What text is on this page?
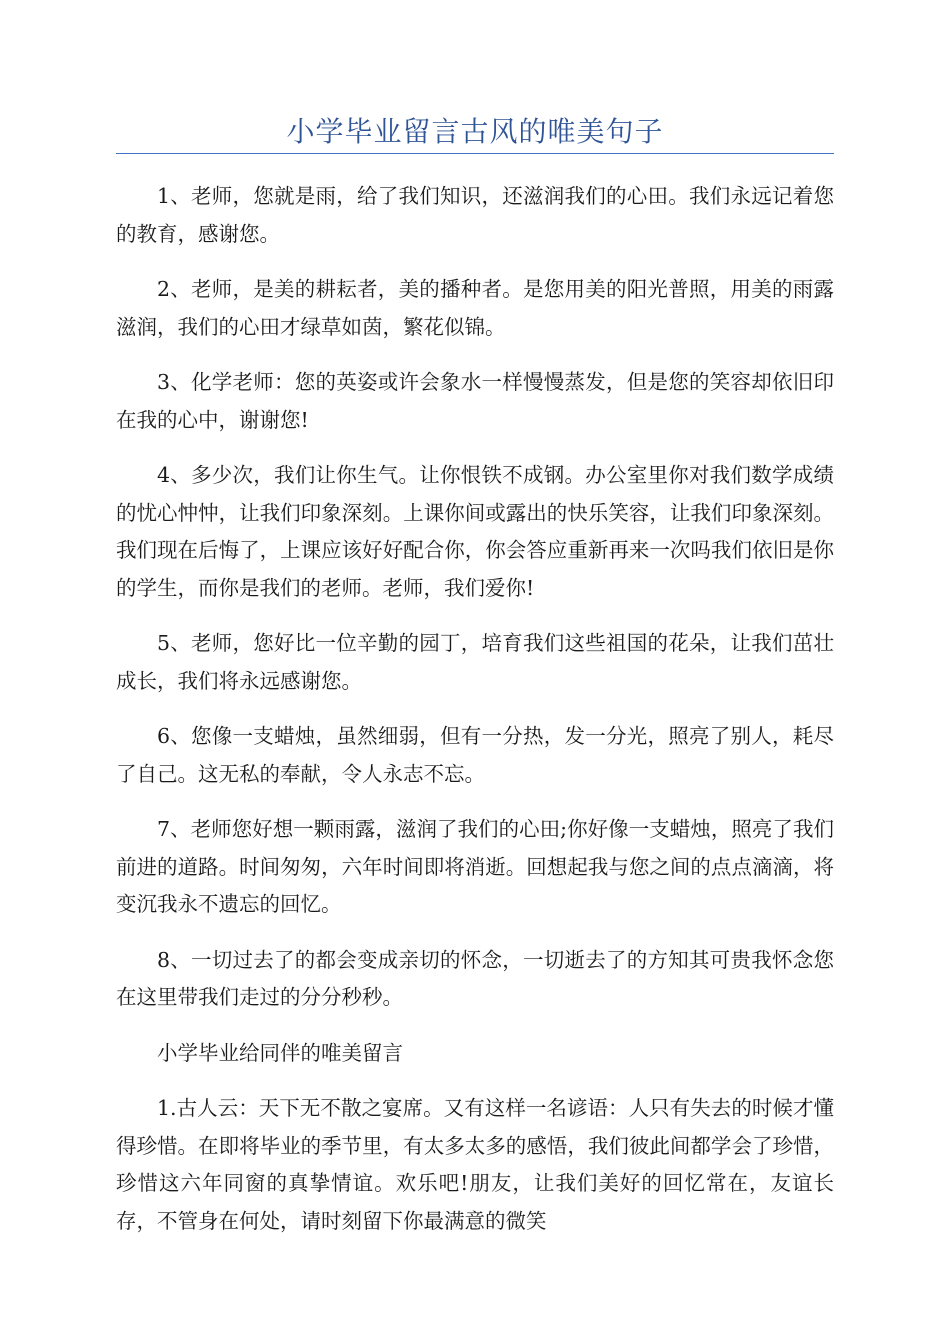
小学毕业留言古风的唯美句子

1、老师，您就是雨，给了我们知识，还滋润我们的心田。我们永远记着您的教育，感谢您。

2、老师，是美的耕耘者，美的播种者。是您用美的阳光普照，用美的雨露滋润，我们的心田才绿草如茵，繁花似锦。

3、化学老师：您的英姿或许会象水一样慢慢蒸发，但是您的笑容却依旧印在我的心中，谢谢您!

4、多少次，我们让你生气。让你恨铁不成钢。办公室里你对我们数学成绩的忧心忡忡，让我们印象深刻。上课你间或露出的快乐笑容，让我们印象深刻。我们现在后悔了，上课应该好好配合你，你会答应重新再来一次吗我们依旧是你的学生，而你是我们的老师。老师，我们爱你!

5、老师，您好比一位辛勤的园丁，培育我们这些祖国的花朵，让我们茁壮成长，我们将永远感谢您。

6、您像一支蜡烛，虽然细弱，但有一分热，发一分光，照亮了别人，耗尽了自己。这无私的奉献，令人永志不忘。

7、老师您好想一颗雨露，滋润了我们的心田;你好像一支蜡烛，照亮了我们前进的道路。时间匆匆，六年时间即将消逝。回想起我与您之间的点点滴滴，将变沉我永不遗忘的回忆。

8、一切过去了的都会变成亲切的怀念，一切逝去了的方知其可贵我怀念您在这里带我们走过的分分秒秒。

小学毕业给同伴的唯美留言

1.古人云：天下无不散之宴席。又有这样一名谚语：人只有失去的时候才懂得珍惜。在即将毕业的季节里，有太多太多的感悟，我们彼此间都学会了珍惜，珍惜这六年同窗的真挚情谊。欢乐吧!朋友，让我们美好的回忆常在，友谊长存，不管身在何处，请时刻留下你最满意的微笑
